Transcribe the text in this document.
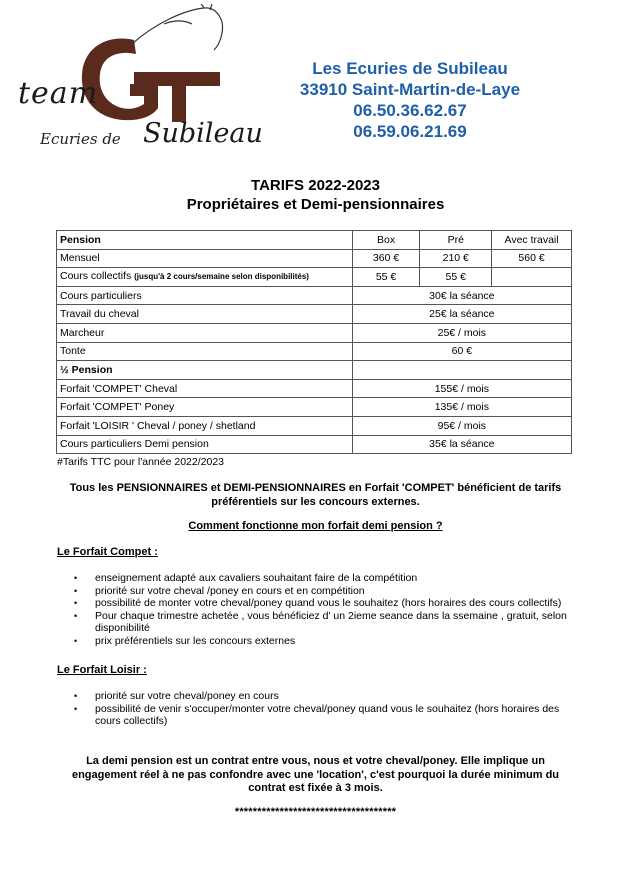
team
Ecuries de Subileau
Les Ecuries de Subileau
33910 Saint-Martin-de-Laye
06.50.36.62.67
06.59.06.21.69
TARIFS 2022-2023
Propriétaires et Demi-pensionnaires
Pension	Box	Pré	Avec travail
Mensuel	360 €	210 €	560 €
Cours collectifs (jusqu'à 2 cours/semaine selon disponibilités)	55 €	55 €	
Cours particuliers	30€ la séance		
Travail du cheval	25€ la séance		
Marcheur	25€ / mois		
Tonte	60 €		
½ Pension			
Forfait 'COMPET' Cheval	155€ / mois		
Forfait 'COMPET' Poney	135€ / mois		
Forfait 'LOISIR ' Cheval / poney / shetland	95€ / mois		
Cours particuliers Demi pension	35€ la séance		
#Tarifs TTC pour l'année 2022/2023
Tous les PENSIONNAIRES et DEMI-PENSIONNAIRES en Forfait 'COMPET' bénéficient de tarifs
préférentiels sur les concours externes.
Comment fonctionne mon forfait demi pension ?
Le Forfait Compet :
• enseignement adapté aux cavaliers souhaitant faire de la compétition
• priorité sur votre cheval /poney en cours et en compétition
• possibilité de monter votre cheval/poney quand vous le souhaitez (hors horaires des cours collectifs)
• Pour chaque trimestre achetée , vous bénéficiez d' un 2ieme seance dans la ssemaine , gratuit, selon disponibilité
• prix préférentiels sur les concours externes
Le Forfait Loisir :
• priorité sur votre cheval/poney en cours
• possibilité de venir s'occuper/monter votre cheval/poney quand vous le souhaitez (hors horaires des cours collectifs)
La demi pension est un contrat entre vous, nous et votre cheval/poney. Elle implique un
engagement réel à ne pas confondre avec une 'location', c'est pourquoi la durée minimum du
contrat est fixée à 3 mois.
************************************
